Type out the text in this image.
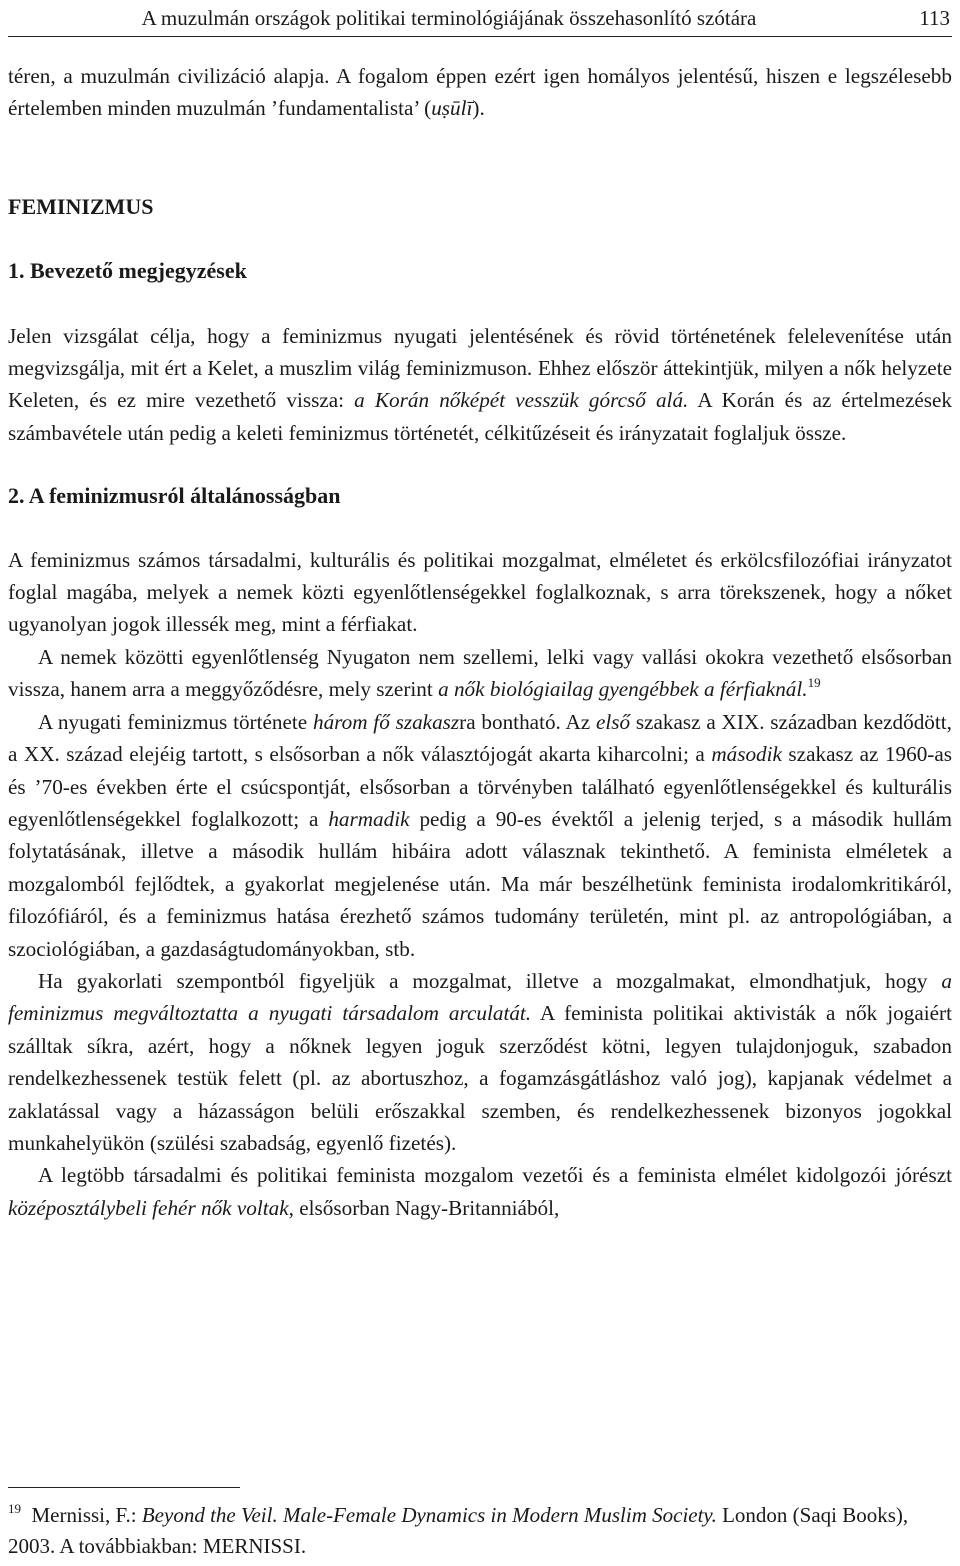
A muzulmán országok politikai terminológiájának összehasonlító szótára	113

téren, a muzulmán civilizáció alapja. A fogalom éppen ezért igen homályos jelentésű, hiszen e legszélesebb értelemben minden muzulmán ’fundamentalista’ (uṣūlī).

FEMINIZMUS
1. Bevezető megjegyzések

Jelen vizsgálat célja, hogy a feminizmus nyugati jelentésének és rövid történetének felelevenítése után megvizsgálja, mit ért a Kelet, a muszlim világ feminizmuson. Ehhez először áttekintjük, milyen a nők helyzete Keleten, és ez mire vezethető vissza: a Korán nőképét vesszük górcső alá. A Korán és az értelmezések számbavétele után pedig a keleti feminizmus történetét, célkitűzéseit és irányzatait foglaljuk össze.

2. A feminizmusról általánosságban

A feminizmus számos társadalmi, kulturális és politikai mozgalmat, elméletet és erkölcsfilozófiai irányzatot foglal magába, melyek a nemek közti egyenlőtlenségekkel foglalkoznak, s arra törekszenek, hogy a nőket ugyanolyan jogok illessék meg, mint a férfiakat.

A nemek közötti egyenlőtlenség Nyugaton nem szellemi, lelki vagy vallási okokra vezethető elsősorban vissza, hanem arra a meggyőződésre, mely szerint a nők biológiailag gyengébbek a férfiaknál.$^{19}$

A nyugati feminizmus története három fő szakaszra bontható. Az első szakasz a XIX. században kezdődött, a XX. század elejéig tartott, s elsősorban a nők választójogát akarta kiharcolni; a második szakasz az 1960-as és ’70-es években érte el csúcspontját, elsősorban a törvényben található egyenlőtlenségekkel és kulturális egyenlőtlenségekkel foglalkozott; a harmadik pedig a 90-es évektől a jelenig terjed, s a második hullám folytatásának, illetve a második hullám hibáira adott válasznak tekinthető. A feminista elméletek a mozgalomból fejlődtek, a gyakorlat megjelenése után. Ma már beszélhetünk feminista irodalomkritikáról, filozófiáról, és a feminizmus hatása érezhető számos tudomány területén, mint pl. az antropológiában, a szociológiában, a gazdaságtudományokban, stb.

Ha gyakorlati szempontból figyeljük a mozgalmat, illetve a mozgalmakat, elmondhatjuk, hogy a feminizmus megváltoztatta a nyugati társadalom arculatát. A feminista politikai aktivisták a nők jogaiért szálltak síkra, azért, hogy a nőknek legyen joguk szerződést kötni, legyen tulajdonjoguk, szabadon rendelkezhessenek testük felett (pl. az abortuszhoz, a fogamzásgátláshoz való jog), kapjanak védelmet a zaklatással vagy a házasságon belüli erőszakkal szemben, és rendelkezhessenek bizonyos jogokkal munkahelyükön (szülési szabadság, egyenlő fizetés).

A legtöbb társadalmi és politikai feminista mozgalom vezetői és a feminista elmélet kidolgozói jórészt középosztálybeli fehér nők voltak, elsősorban Nagy-Britanniából,

$^{19}$ Mernissi, F.: Beyond the Veil. Male-Female Dynamics in Modern Muslim Society. London (Saqi Books), 2003. A továbbiakban: MERNISSI.
